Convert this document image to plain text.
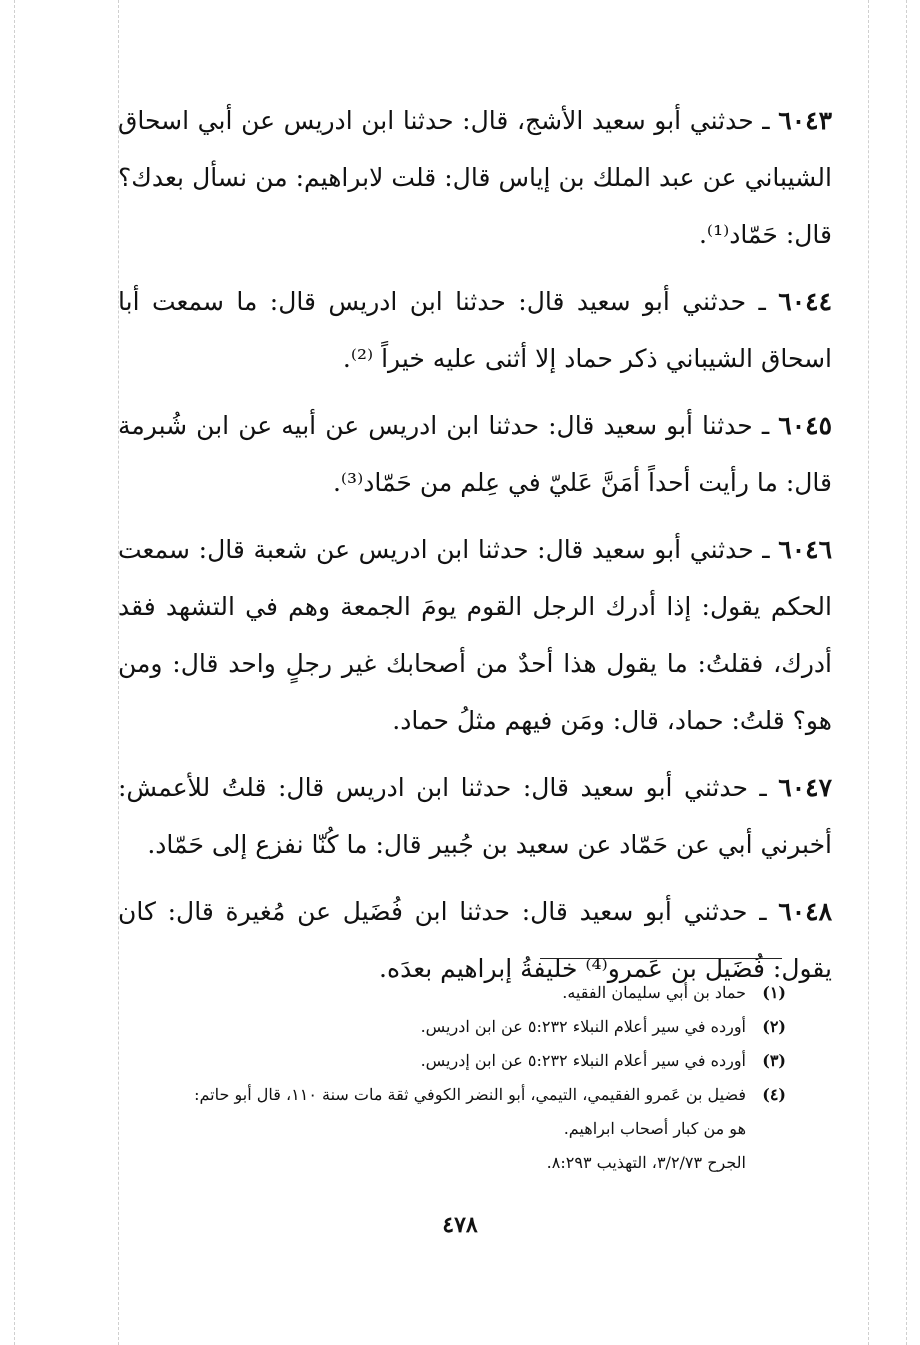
٦٠٤٣ ـ حدثني أبو سعيد الأشج، قال: حدثنا ابن ادريس عن أبي اسحاق الشيباني عن عبد الملك بن إياس قال: قلت لابراهيم: من نسأل بعدك؟ قال: حَمّاد⁽¹⁾.

٦٠٤٤ ـ حدثني أبو سعيد قال: حدثنا ابن ادريس قال: ما سمعت أبا اسحاق الشيباني ذكر حماد إلا أثنى عليه خيراً ⁽²⁾.

٦٠٤٥ ـ حدثنا أبو سعيد قال: حدثنا ابن ادريس عن أبيه عن ابن شُبرمة قال: ما رأيت أحداً أمَنَّ عَليّ في عِلم من حَمّاد⁽³⁾.

٦٠٤٦ ـ حدثني أبو سعيد قال: حدثنا ابن ادريس عن شعبة قال: سمعت الحكم يقول: إذا أدرك الرجل القوم يومَ الجمعة وهم في التشهد فقد أدرك، فقلتُ: ما يقول هذا أحدٌ من أصحابك غير رجلٍ واحد قال: ومن هو؟ قلتُ: حماد، قال: ومَن فيهم مثلُ حماد.

٦٠٤٧ ـ حدثني أبو سعيد قال: حدثنا ابن ادريس قال: قلتُ للأعمش: أخبرني أبي عن حَمّاد عن سعيد بن جُبير قال: ما كُنّا نفزع إلى حَمّاد.

٦٠٤٨ ـ حدثني أبو سعيد قال: حدثنا ابن فُضَيل عن مُغيرة قال: كان يقول: فُضَيل بن عَمرو⁽⁴⁾ خليفةُ إبراهيم بعدَه.

(١)
حماد بن أبي سليمان الفقيه.
(٢)
أورده في سير أعلام النبلاء ٥:٢٣٢ عن ابن ادريس.
(٣)
أورده في سير أعلام النبلاء ٥:٢٣٢ عن ابن إدريس.
(٤)
فضيل بن عَمرو الفقيمي، التيمي، أبو النضر الكوفي ثقة مات سنة ١١٠، قال أبو حاتم:
هو من كبار أصحاب ابراهيم.
الجرح ٣/٢/٧٣، التهذيب ٨:٢٩٣.
٤٧٨
